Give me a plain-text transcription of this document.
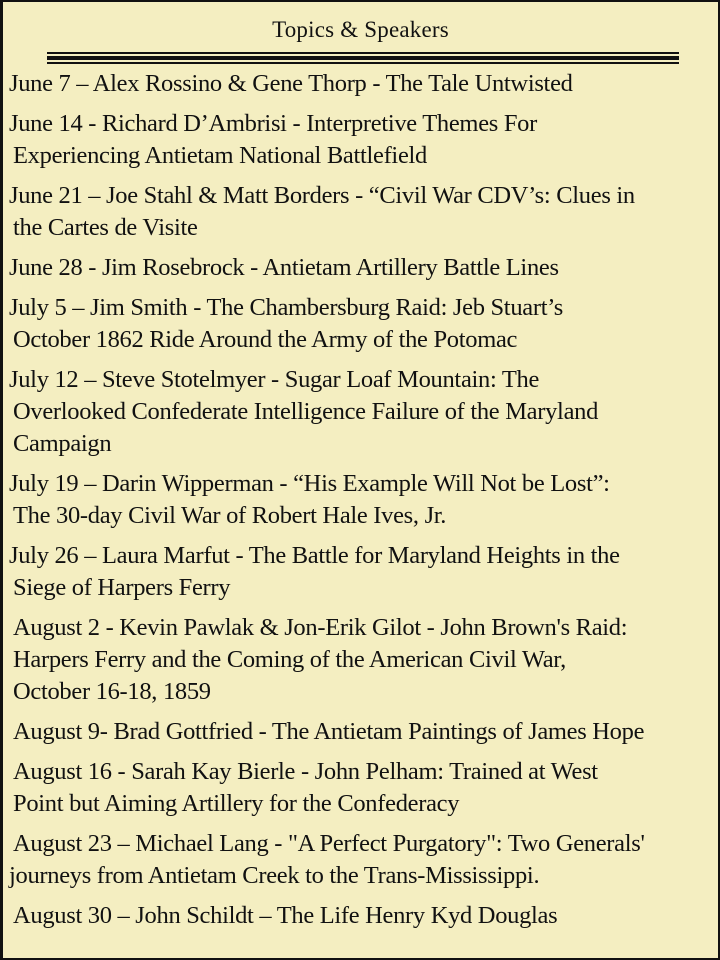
Topics & Speakers
June 7 – Alex Rossino & Gene Thorp - The Tale Untwisted
June 14 - Richard D’Ambrisi - Interpretive Themes For
Experiencing Antietam National Battlefield
June 21 – Joe Stahl & Matt Borders - “Civil War CDV’s: Clues in
the Cartes de Visite
June 28 - Jim Rosebrock - Antietam Artillery Battle Lines
July 5 – Jim Smith - The Chambersburg Raid: Jeb Stuart’s
October 1862 Ride Around the Army of the Potomac
July 12 – Steve Stotelmyer - Sugar Loaf Mountain: The
Overlooked Confederate Intelligence Failure of the Maryland
Campaign
July 19 – Darin Wipperman - “His Example Will Not be Lost”:
The 30-day Civil War of Robert Hale Ives, Jr.
July 26 – Laura Marfut - The Battle for Maryland Heights in the
Siege of Harpers Ferry
August 2 - Kevin Pawlak & Jon-Erik Gilot - John Brown's Raid:
Harpers Ferry and the Coming of the American Civil War,
October 16-18, 1859
August 9- Brad Gottfried - The Antietam Paintings of James Hope
August 16 - Sarah Kay Bierle - John Pelham: Trained at West
Point but Aiming Artillery for the Confederacy
August 23 – Michael Lang - "A Perfect Purgatory": Two Generals'
journeys from Antietam Creek to the Trans-Mississippi.
August 30 – John Schildt – The Life Henry Kyd Douglas
